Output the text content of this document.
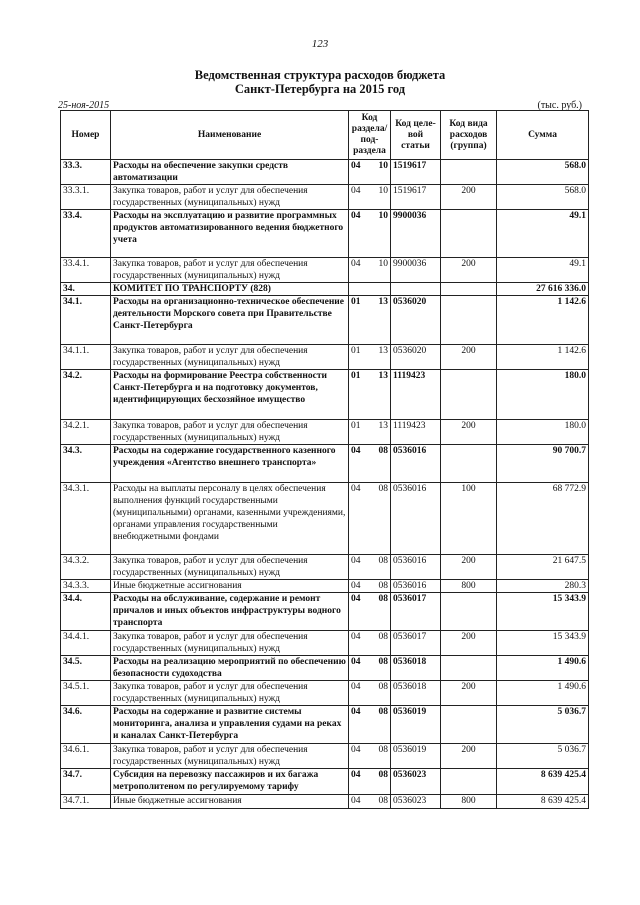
123
Ведомственная структура расходов бюджета
Санкт-Петербурга на 2015 год
25-ноя-2015	(тыс. руб.)
Номер	Наименование	Код раздела/ под-раздела		Код целе-вой статьи	Код вида расходов (группа)	Сумма
33.3.	Расходы на обеспечение закупки средств автоматизации	04	10	1519617		568.0
33.3.1.	Закупка товаров, работ и услуг для обеспечения государственных (муниципальных) нужд	04	10	1519617	200	568.0
33.4.	Расходы на эксплуатацию и развитие программных продуктов автоматизированного ведения бюджетного учета	04	10	9900036		49.1
33.4.1.	Закупка товаров, работ и услуг для обеспечения государственных (муниципальных) нужд	04	10	9900036	200	49.1
34.	КОМИТЕТ ПО ТРАНСПОРТУ (828)					27 616 336.0
34.1.	Расходы на организационно-техническое обеспечение деятельности Морского совета при Правительстве Санкт-Петербурга	01	13	0536020		1 142.6
34.1.1.	Закупка товаров, работ и услуг для обеспечения государственных (муниципальных) нужд	01	13	0536020	200	1 142.6
34.2.	Расходы на формирование Реестра собственности Санкт-Петербурга и на подготовку документов, идентифицирующих бесхозяйное имущество	01	13	1119423		180.0
34.2.1.	Закупка товаров, работ и услуг для обеспечения государственных (муниципальных) нужд	01	13	1119423	200	180.0
34.3.	Расходы на содержание государственного казенного учреждения «Агентство внешнего транспорта»	04	08	0536016		90 700.7
34.3.1.	Расходы на выплаты персоналу в целях обеспечения выполнения функций государственными (муниципальными) органами, казенными учреждениями, органами управления государственными внебюджетными фондами	04	08	0536016	100	68 772.9
34.3.2.	Закупка товаров, работ и услуг для обеспечения государственных (муниципальных) нужд	04	08	0536016	200	21 647.5
34.3.3.	Иные бюджетные ассигнования	04	08	0536016	800	280.3
34.4.	Расходы на обслуживание, содержание и ремонт причалов и иных объектов инфраструктуры водного транспорта	04	08	0536017		15 343.9
34.4.1.	Закупка товаров, работ и услуг для обеспечения государственных (муниципальных) нужд	04	08	0536017	200	15 343.9
34.5.	Расходы на реализацию мероприятий по обеспечению безопасности судоходства	04	08	0536018		1 490.6
34.5.1.	Закупка товаров, работ и услуг для обеспечения государственных (муниципальных) нужд	04	08	0536018	200	1 490.6
34.6.	Расходы на содержание и развитие системы мониторинга, анализа и управления судами на реках и каналах Санкт-Петербурга	04	08	0536019		5 036.7
34.6.1.	Закупка товаров, работ и услуг для обеспечения государственных (муниципальных) нужд	04	08	0536019	200	5 036.7
34.7.	Субсидия на перевозку пассажиров и их багажа метрополитеном по регулируемому тарифу	04	08	0536023		8 639 425.4
34.7.1.	Иные бюджетные ассигнования	04	08	0536023	800	8 639 425.4
